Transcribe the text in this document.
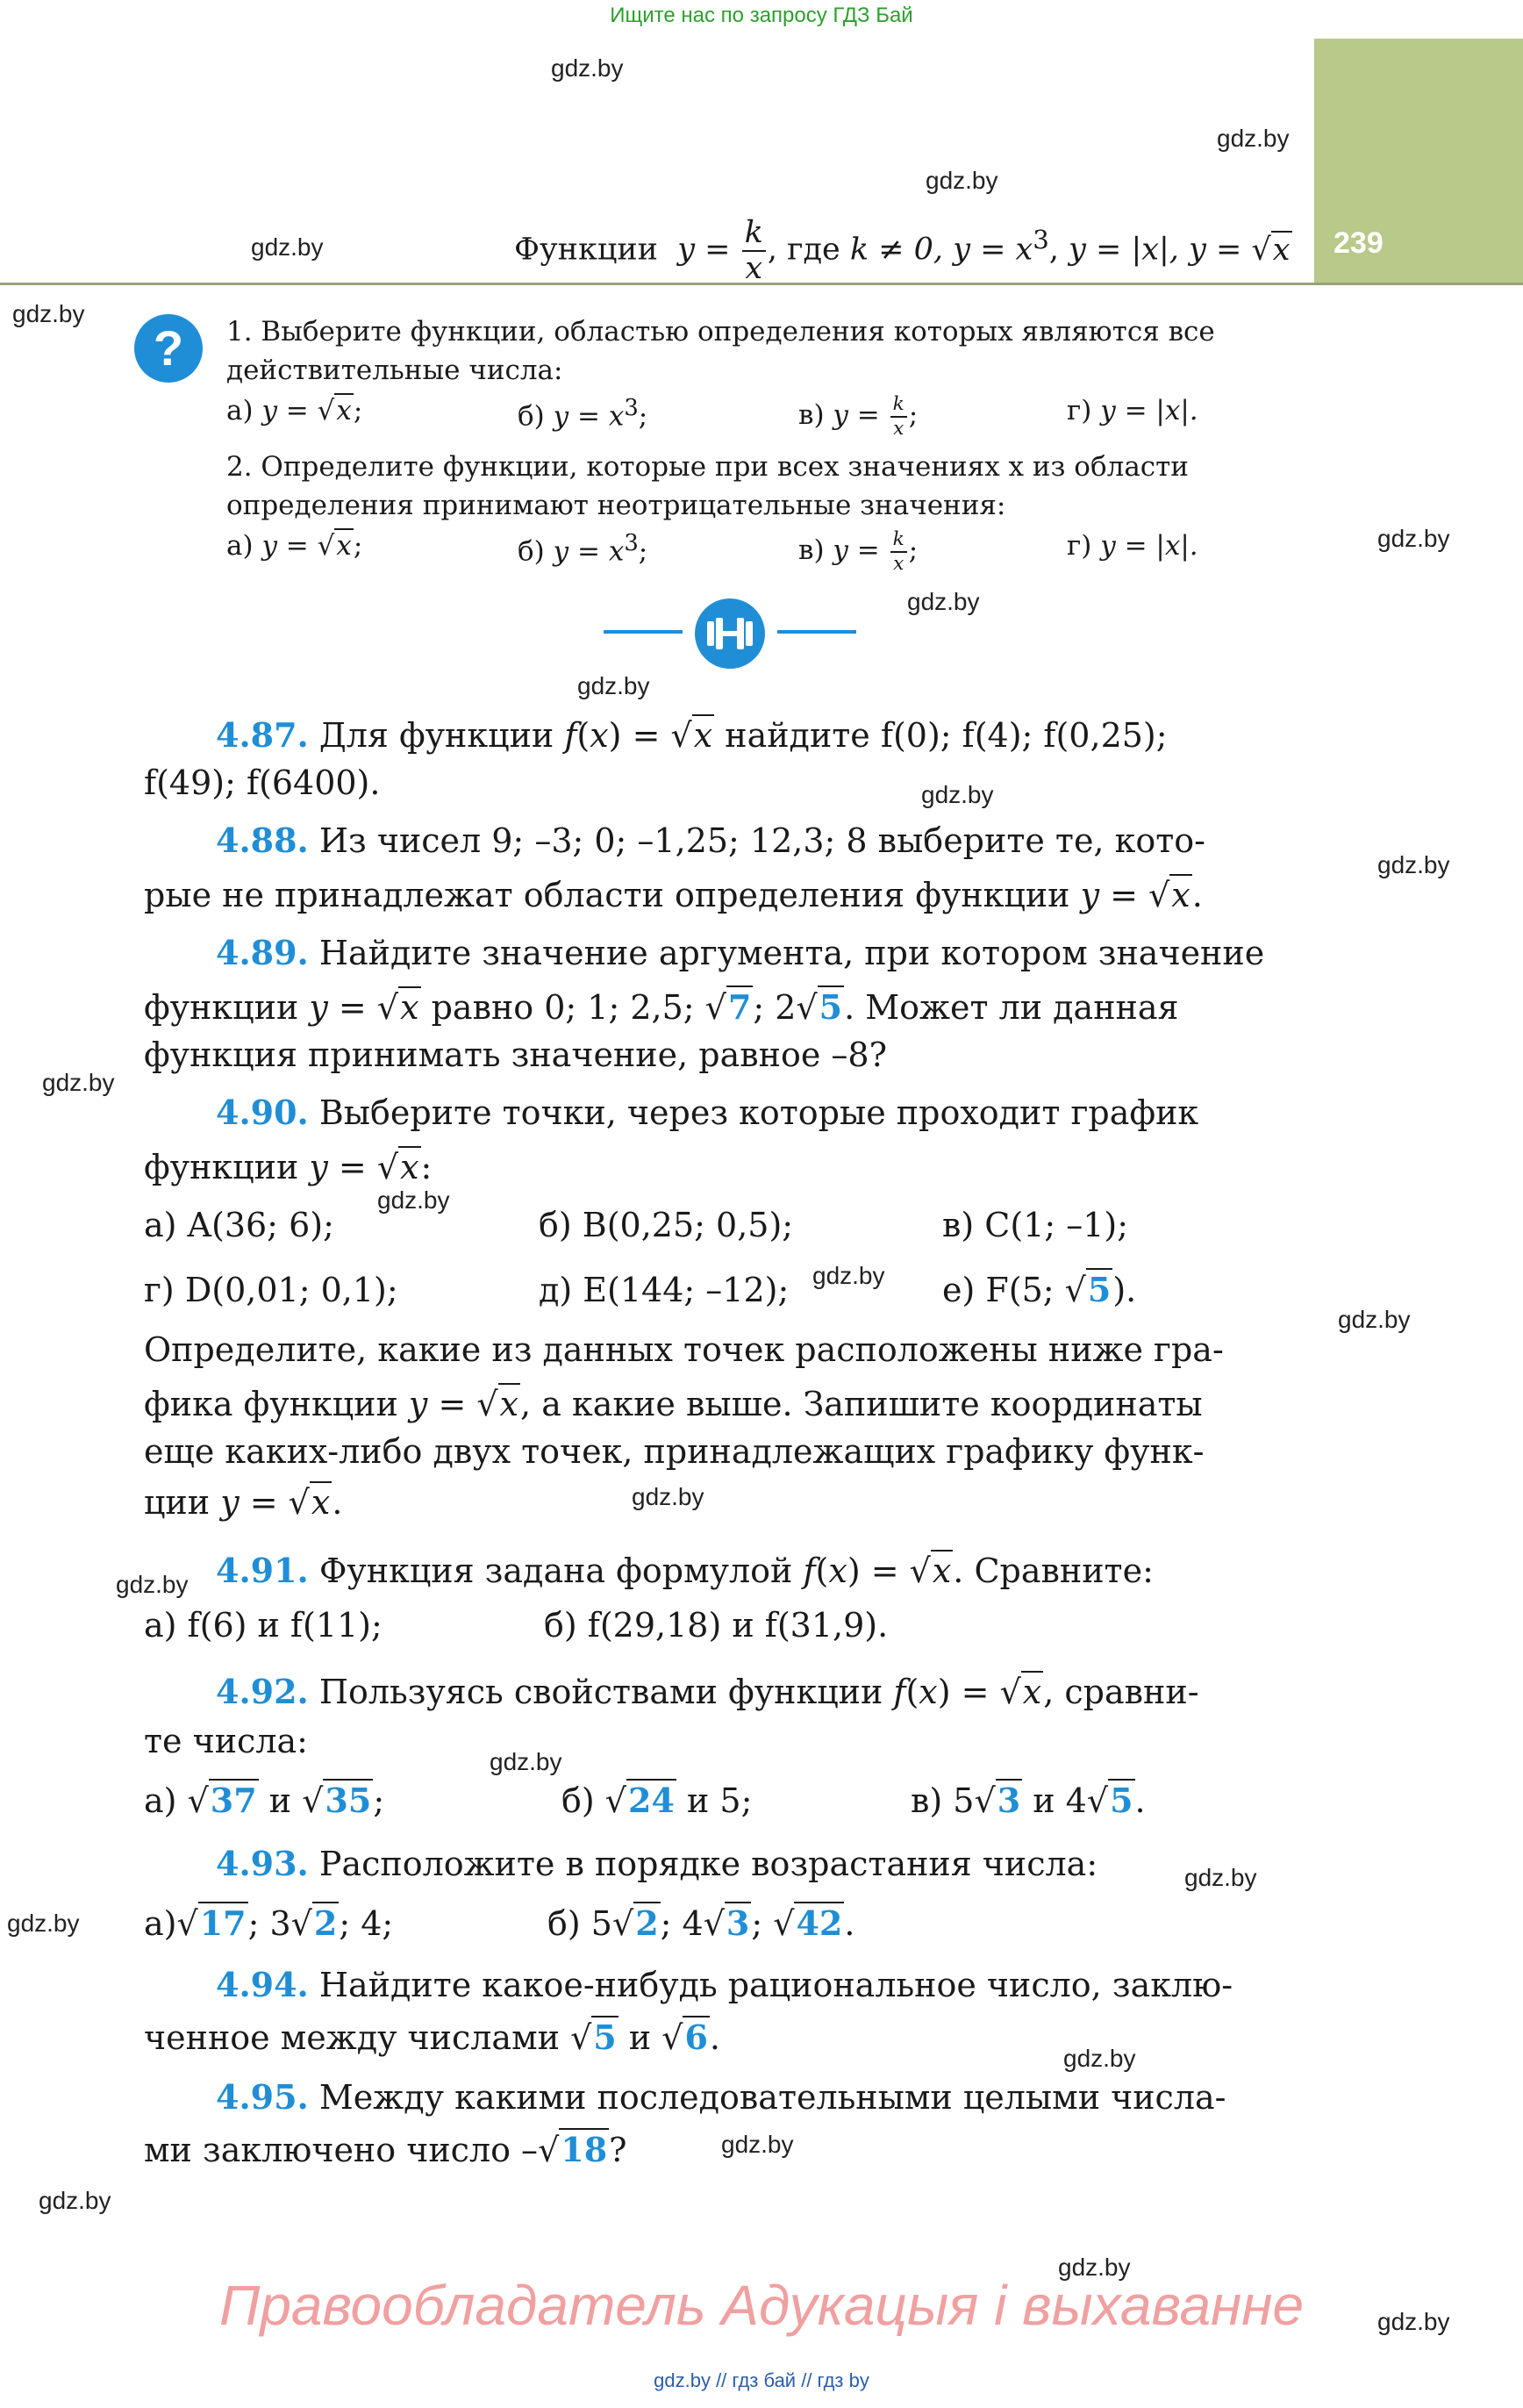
Ищите нас по запросу ГДЗ Бай
gdz.by // гдз бай // гдз by
239
Функции  $y = \frac{k}{x}$ , где k ≠ 0, $y = x^3$, y = |x|, y = √x
gdz.by
gdz.by
gdz.by
gdz.by
gdz.by
gdz.by
gdz.by
gdz.by
gdz.by
gdz.by
gdz.by
gdz.by
gdz.by
gdz.by
gdz.by
gdz.by
gdz.by
gdz.by
gdz.by
gdz.by
gdz.by
gdz.by
gdz.by
gdz.by
?	1. Выберите функции, областью определения которых являются все действительные числа:
а) y = √x;	б) $y = x^3$;	в) $y = \frac{k}{x}$ ;	г) y = |x|.
2. Определите функции, которые при всех значениях x из области определения принимают неотрицательные значения:
а) y = √x;	б) $y = x^3$;	в) $y = \frac{k}{x}$ ;	г) y = |x|.
4.87. Для функции f(x) = √x найдите f(0); f(4); f(0,25);
f(49); f(6400).
4.88. Из чисел 9; –3; 0; –1,25; 12,3; 8 выберите те, кото-
рые не принадлежат области определения функции y = √x.
4.89. Найдите значение аргумента, при котором значение
функции y = √x равно 0; 1; 2,5; √7; 2√5. Может ли данная
функция принимать значение, равное –8?
4.90. Выберите точки, через которые проходит график
функции y = √x:
а) A(36; 6);	б) B(0,25; 0,5);	в) C(1; –1);
г) D(0,01; 0,1);	д) E(144; –12);	е) F(5; √5).
Определите, какие из данных точек расположены ниже гра-
фика функции y = √x, а какие выше. Запишите координаты
еще каких-либо двух точек, принадлежащих графику функ-
ции y = √x.
4.91. Функция задана формулой f(x) = √x. Сравните:
а) f(6) и f(11);	б) f(29,18) и f(31,9).
4.92. Пользуясь свойствами функции f(x) = √x, сравни-
те числа:
а) √37 и √35;	б) √24 и 5;	в) 5√3 и 4√5.
4.93. Расположите в порядке возрастания числа:
а)√17; 3√2; 4;	б) 5√2; 4√3; √42.
4.94. Найдите какое-нибудь рациональное число, заклю-
ченное между числами √5 и √6.
4.95. Между какими последовательными целыми числа-
ми заключено число –√18?
Правообладатель Адукацыя і выхаванне
